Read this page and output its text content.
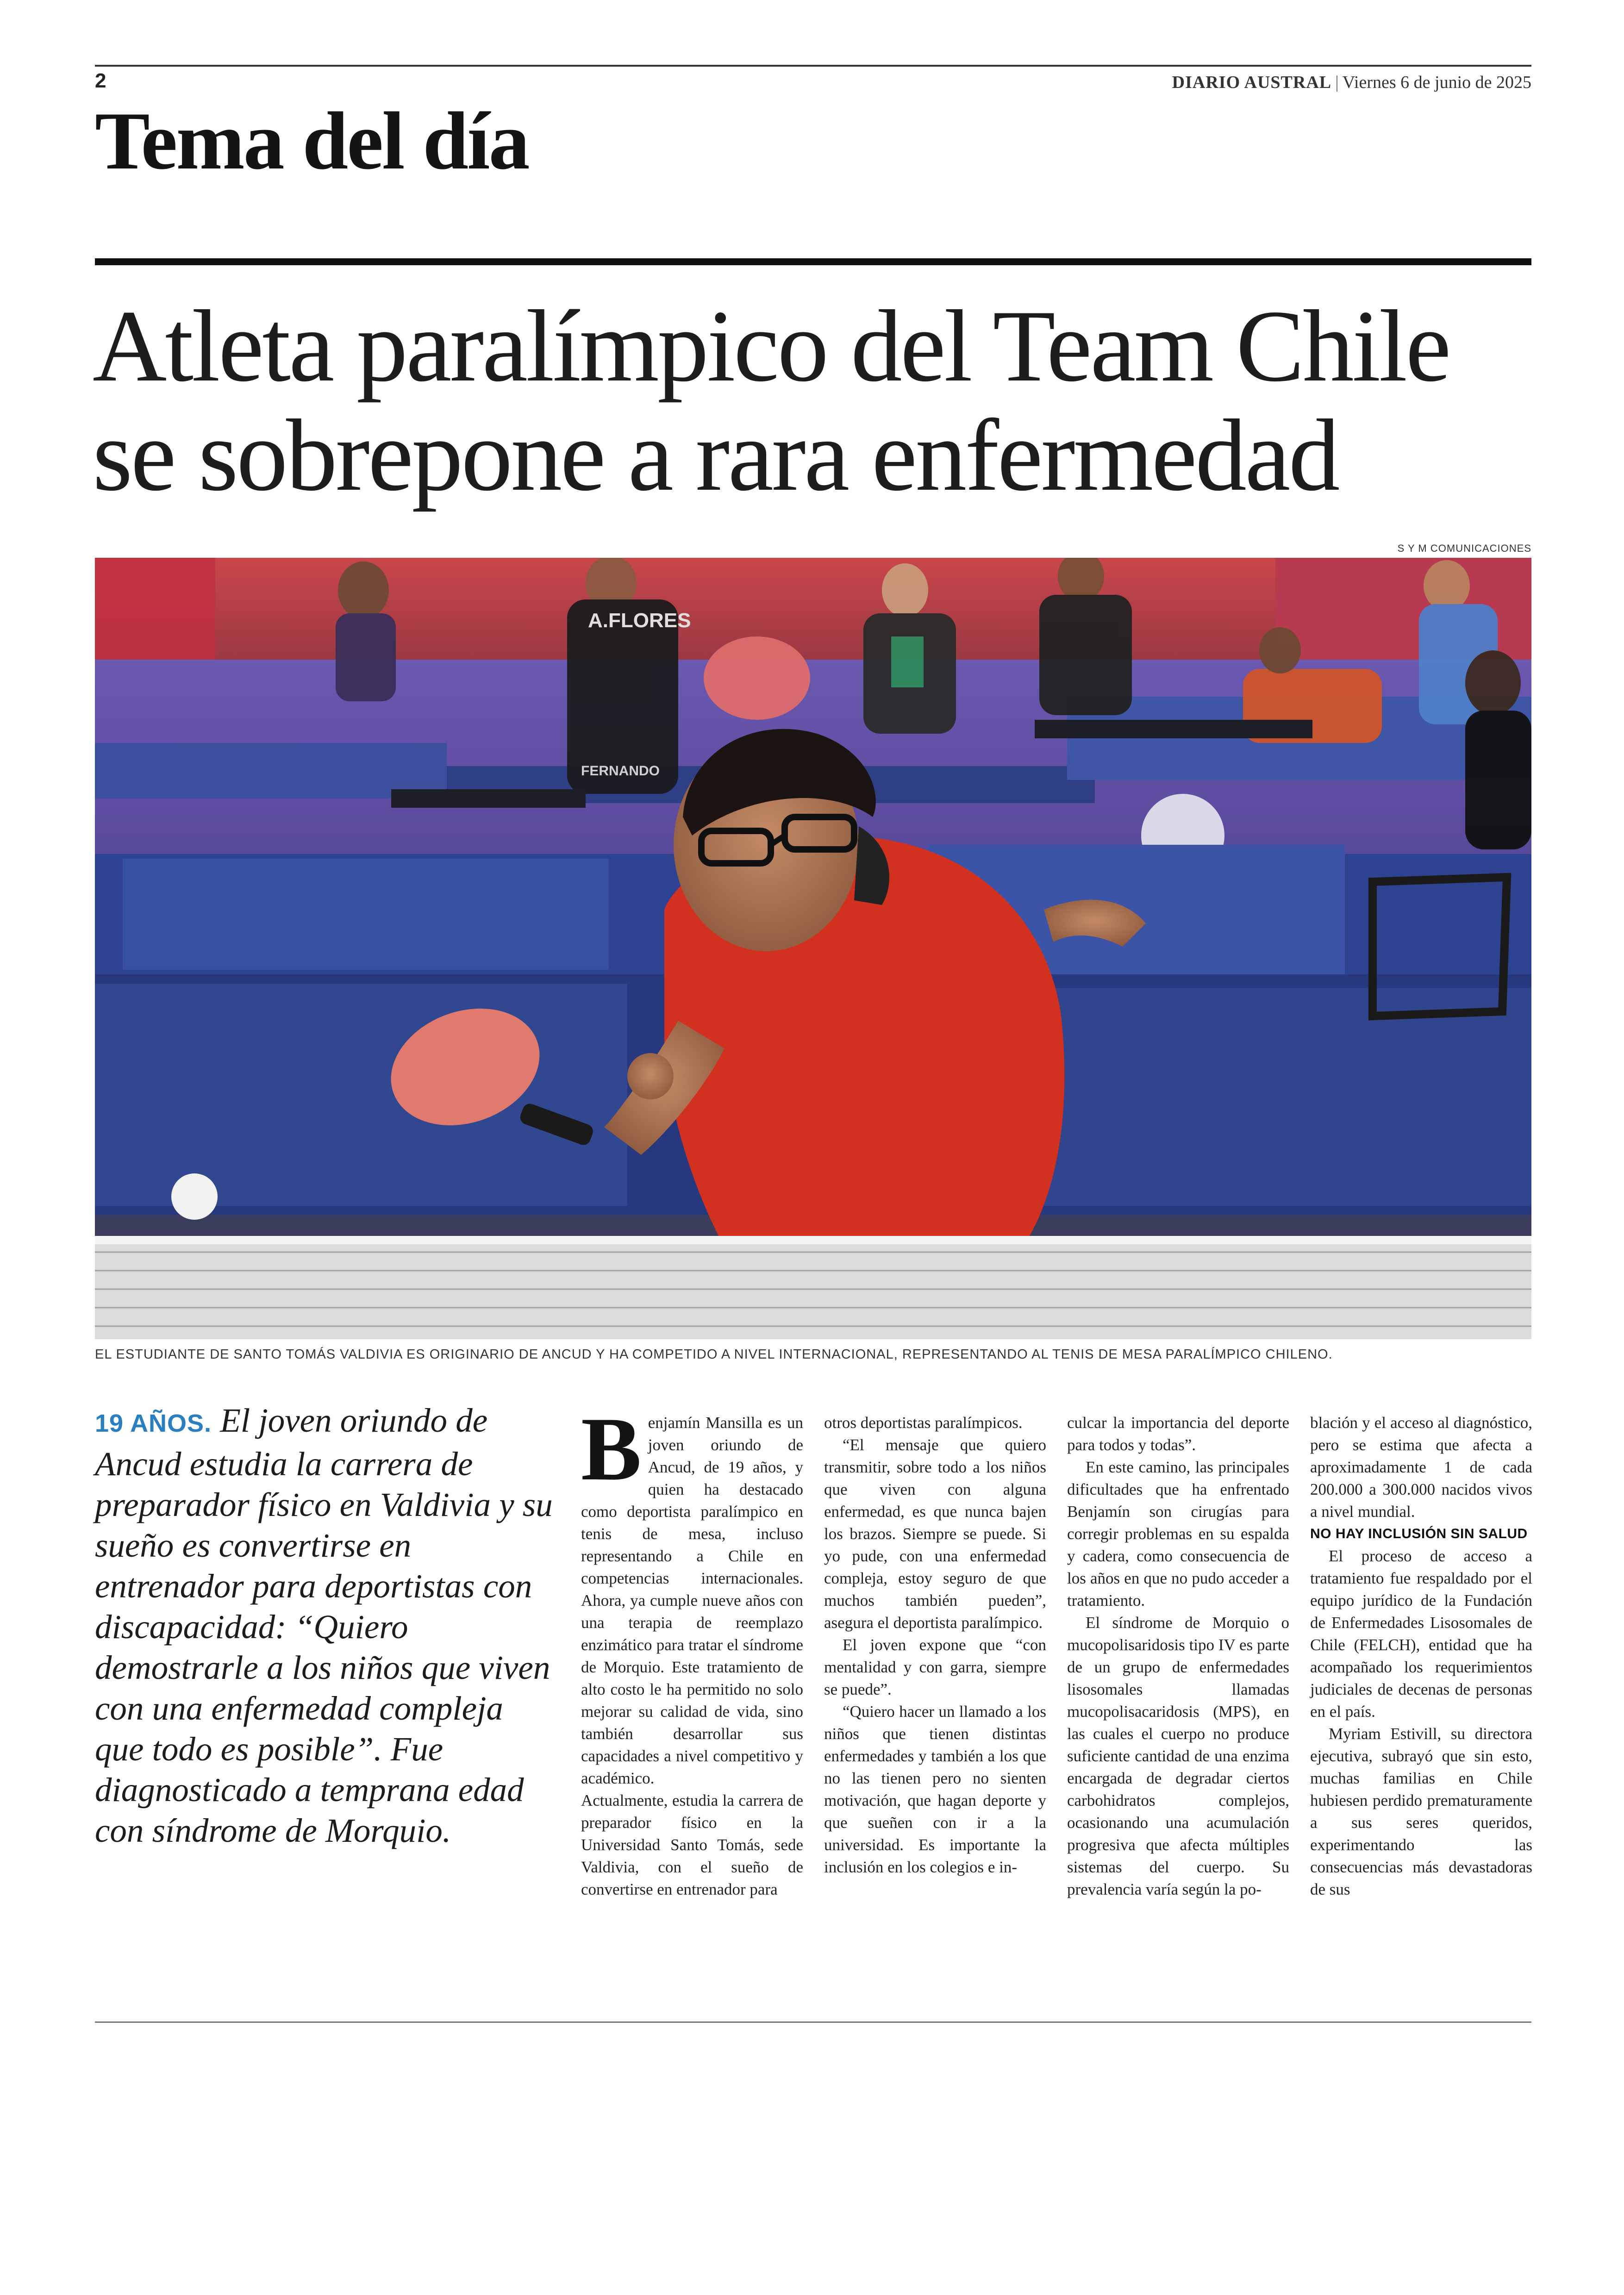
2	DIARIO AUSTRAL | Viernes 6 de junio de 2025
Tema del día
Atleta paralímpico del Team Chile
se sobrepone a rara enfermedad
S Y M COMUNICACIONES
A.FLORES
FERNANDO
EL ESTUDIANTE DE SANTO TOMÁS VALDIVIA ES ORIGINARIO DE ANCUD Y HA COMPETIDO A NIVEL INTERNACIONAL, REPRESENTANDO AL TENIS DE MESA PARALÍMPICO CHILENO.
19 AÑOS. El joven oriundo de Ancud estudia la carrera de preparador físico en Valdivia y su sueño es convertirse en entrenador para deportistas con discapacidad: “Quiero demostrarle a los niños que viven con una enfermedad compleja que todo es posible”. Fue diagnosticado a temprana edad con síndrome de Morquio.

Benjamín Mansilla es un joven oriundo de Ancud, de 19 años, y quien ha destacado como deportista paralímpico en tenis de mesa, incluso representando a Chile en competencias internacionales. Ahora, ya cumple nueve años con una terapia de reemplazo enzimático para tratar el síndrome de Morquio. Este tratamiento de alto costo le ha permitido no solo mejorar su calidad de vida, sino también desarrollar sus capacidades a nivel competitivo y académico.

Actualmente, estudia la carrera de preparador físico en la Universidad Santo Tomás, sede Valdivia, con el sueño de convertirse en entrenador para

otros deportistas paralímpicos.

“El mensaje que quiero transmitir, sobre todo a los niños que viven con alguna enfermedad, es que nunca bajen los brazos. Siempre se puede. Si yo pude, con una enfermedad compleja, estoy seguro de que muchos también pueden”, asegura el deportista paralímpico.

El joven expone que “con mentalidad y con garra, siempre se puede”.

“Quiero hacer un llamado a los niños que tienen distintas enfermedades y también a los que no las tienen pero no sienten motivación, que hagan deporte y que sueñen con ir a la universidad. Es importante la inclusión en los colegios e in-

culcar la importancia del deporte para todos y todas”.

En este camino, las principales dificultades que ha enfrentado Benjamín son cirugías para corregir problemas en su espalda y cadera, como consecuencia de los años en que no pudo acceder a tratamiento.

El síndrome de Morquio o mucopolisaridosis tipo IV es parte de un grupo de enfermedades lisosomales llamadas mucopolisacaridosis (MPS), en las cuales el cuerpo no produce suficiente cantidad de una enzima encargada de degradar ciertos carbohidratos complejos, ocasionando una acumulación progresiva que afecta múltiples sistemas del cuerpo. Su prevalencia varía según la po-

blación y el acceso al diagnóstico, pero se estima que afecta a aproximadamente 1 de cada 200.000 a 300.000 nacidos vivos a nivel mundial.

NO HAY INCLUSIÓN SIN SALUD

El proceso de acceso a tratamiento fue respaldado por el equipo jurídico de la Fundación de Enfermedades Lisosomales de Chile (FELCH), entidad que ha acompañado los requerimientos judiciales de decenas de personas en el país.

Myriam Estivill, su directora ejecutiva, subrayó que sin esto, muchas familias en Chile hubiesen perdido prematuramente a sus seres queridos, experimentando las consecuencias más devastadoras de sus
